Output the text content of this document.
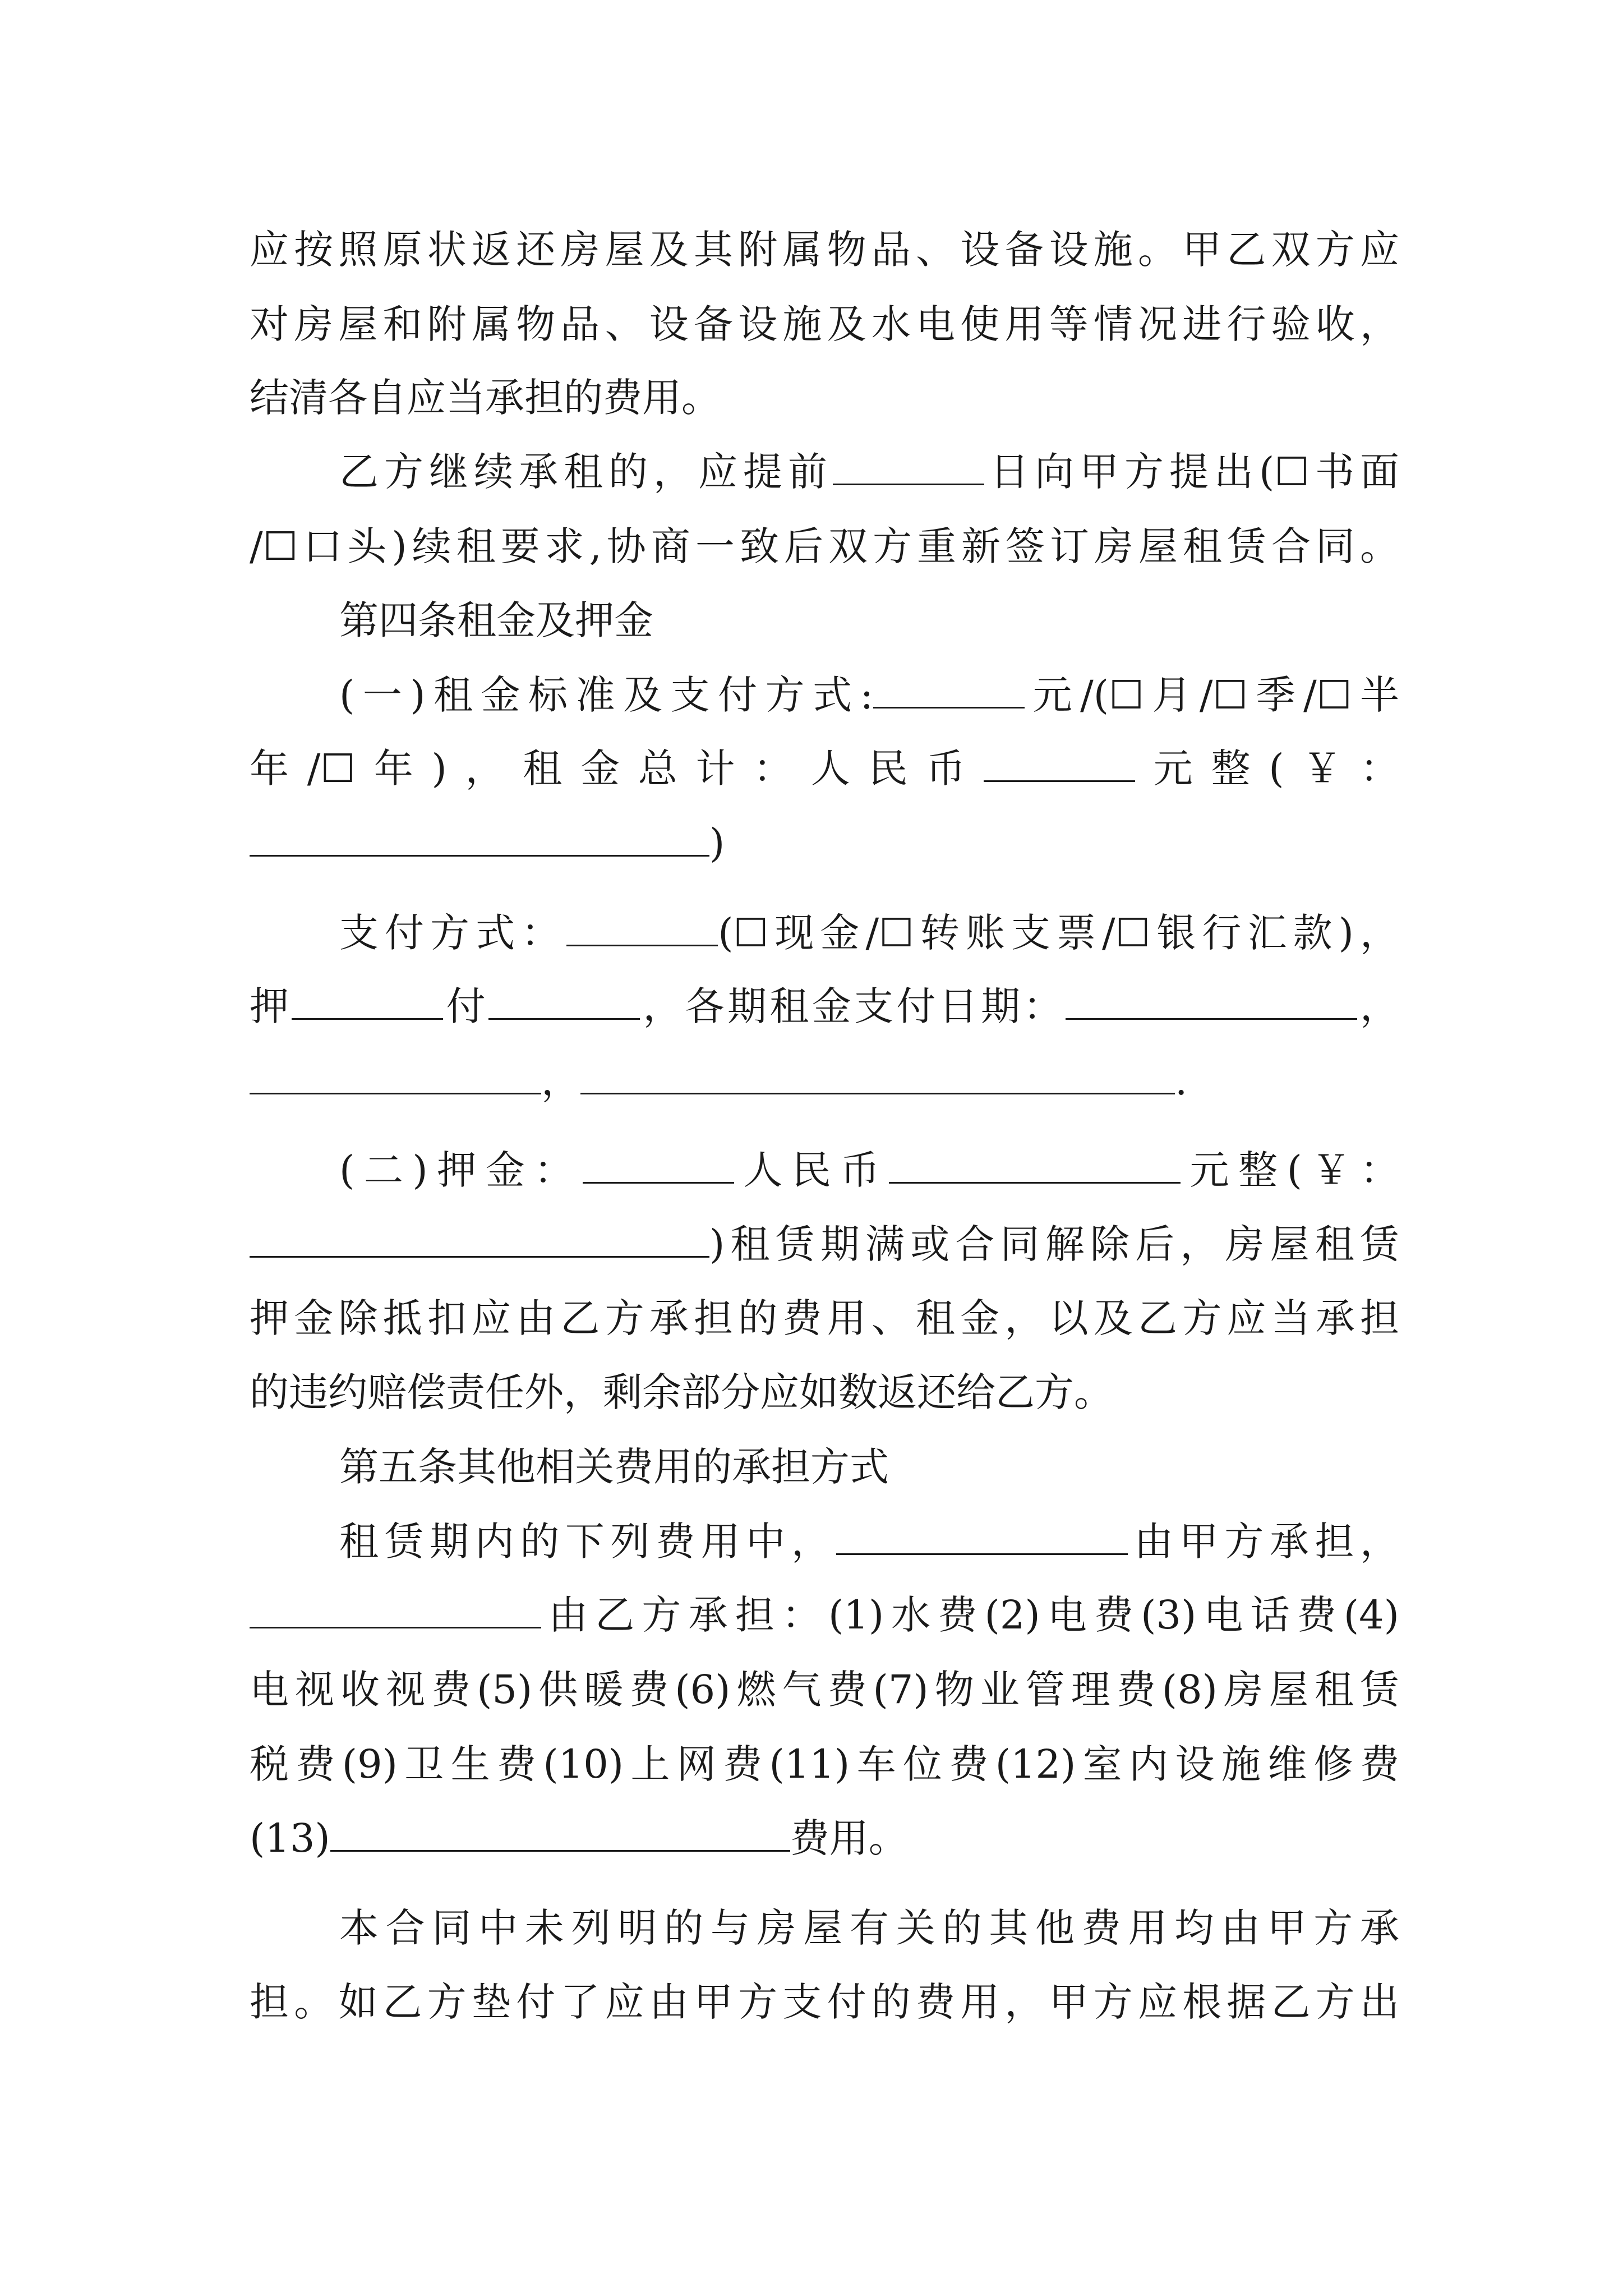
应按照原状返还房屋及其附属物品、设备设施。甲乙双方应
对房屋和附属物品、设备设施及水电使用等情况进行验收，
结清各自应当承担的费用。
乙方继续承租的，应提前	日向甲方提出(☐书面
/☐口头)续租要求,协商一致后双方重新签订房屋租赁合同。
第四条租金及押金
(一)租金标准及支付方式:	元/(☐月/☐季/☐半
年/☐年)，租金总计：人民币	元整(￥：
)
支付方式：	(☐现金/☐转账支票/☐银行汇款)，
押	付	，各期租金支付日期：	，
，	.
(二)押金：	人民币	元整(￥：
)租赁期满或合同解除后，房屋租赁
押金除抵扣应由乙方承担的费用、租金，以及乙方应当承担
的违约赔偿责任外，剩余部分应如数返还给乙方。
第五条其他相关费用的承担方式
租赁期内的下列费用中，	由甲方承担，
由乙方承担：(1)水费(2)电费(3)电话费(4)
电视收视费(5)供暖费(6)燃气费(7)物业管理费(8)房屋租赁
税费(9)卫生费(10)上网费(11)车位费(12)室内设施维修费
(13)	费用。
本合同中未列明的与房屋有关的其他费用均由甲方承
担。如乙方垫付了应由甲方支付的费用，甲方应根据乙方出
